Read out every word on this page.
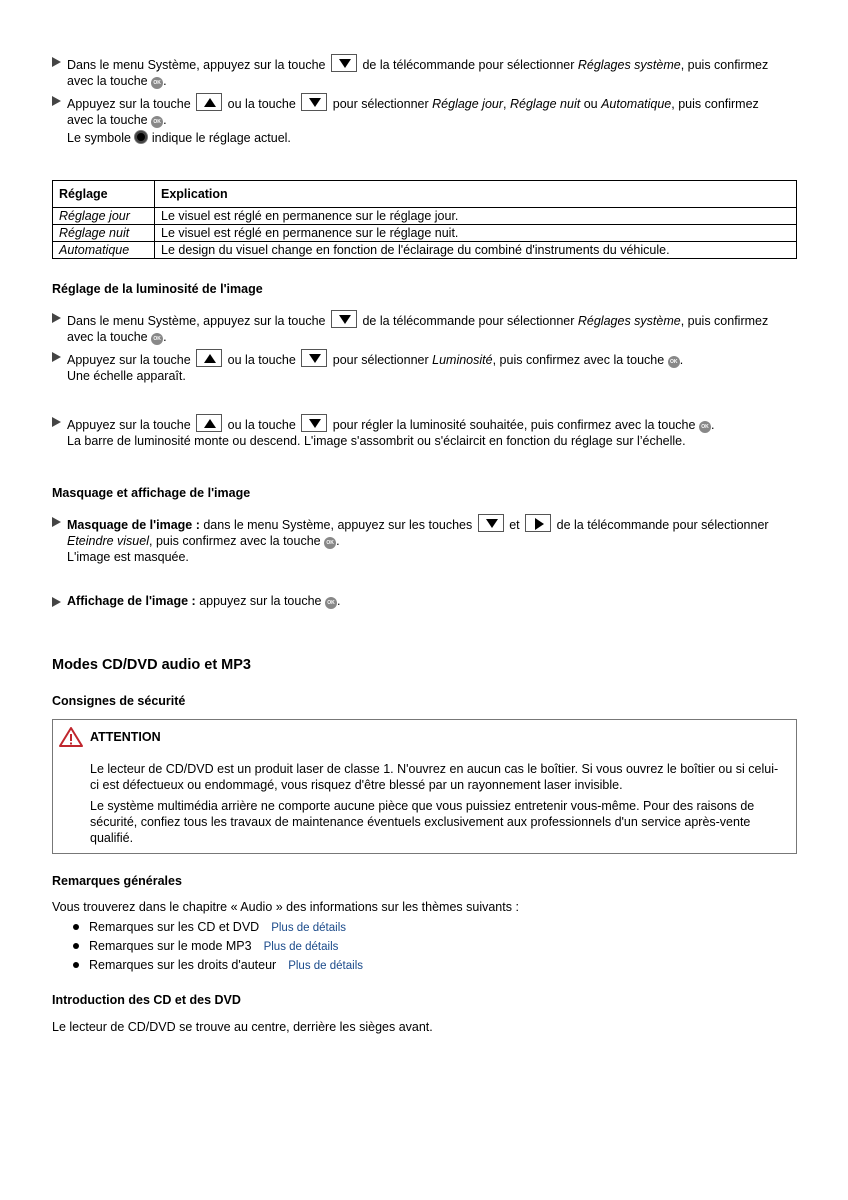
Dans le menu Système, appuyez sur la touche	de la télécommande pour sélectionner Réglages système, puis confirmez
avec la touche OK .
Appuyez sur la touche	ou la touche	pour sélectionner Réglage jour, Réglage nuit ou Automatique, puis confirmez
avec la touche OK .
Le symbole indique le réglage actuel.
Réglage	Explication
Réglage jour	Le visuel est réglé en permanence sur le réglage jour.
Réglage nuit	Le visuel est réglé en permanence sur le réglage nuit.
Automatique	Le design du visuel change en fonction de l'éclairage du combiné d'instruments du véhicule.
Réglage de la luminosité de l'image
Dans le menu Système, appuyez sur la touche	de la télécommande pour sélectionner Réglages système, puis confirmez
avec la touche OK .
Appuyez sur la touche	ou la touche	pour sélectionner Luminosité, puis confirmez avec la touche OK .
Une échelle apparaît.
Appuyez sur la touche	ou la touche	pour régler la luminosité souhaitée, puis confirmez avec la touche OK .
La barre de luminosité monte ou descend. L'image s'assombrit ou s'éclaircit en fonction du réglage sur l’échelle.
Masquage et affichage de l'image
Masquage de l'image : dans le menu Système, appuyez sur les touches	et	de la télécommande pour sélectionner
Eteindre visuel, puis confirmez avec la touche OK .
L'image est masquée.
Affichage de l'image : appuyez sur la touche OK .
Modes CD/DVD audio et MP3
Consignes de sécurité
ATTENTION
Le lecteur de CD/DVD est un produit laser de classe 1. N'ouvrez en aucun cas le boîtier. Si vous ouvrez le boîtier ou si celui-ci est défectueux ou endommagé, vous risquez d'être blessé par un rayonnement laser invisible.
Le système multimédia arrière ne comporte aucune pièce que vous puissiez entretenir vous-même. Pour des raisons de sécurité, confiez tous les travaux de maintenance éventuels exclusivement aux professionnels d'un service après-vente qualifié.
Remarques générales
Vous trouverez dans le chapitre « Audio » des informations sur les thèmes suivants :
Remarques sur les CD et DVD Plus de détails
Remarques sur le mode MP3 Plus de détails
Remarques sur les droits d'auteur Plus de détails
Introduction des CD et des DVD
Le lecteur de CD/DVD se trouve au centre, derrière les sièges avant.
